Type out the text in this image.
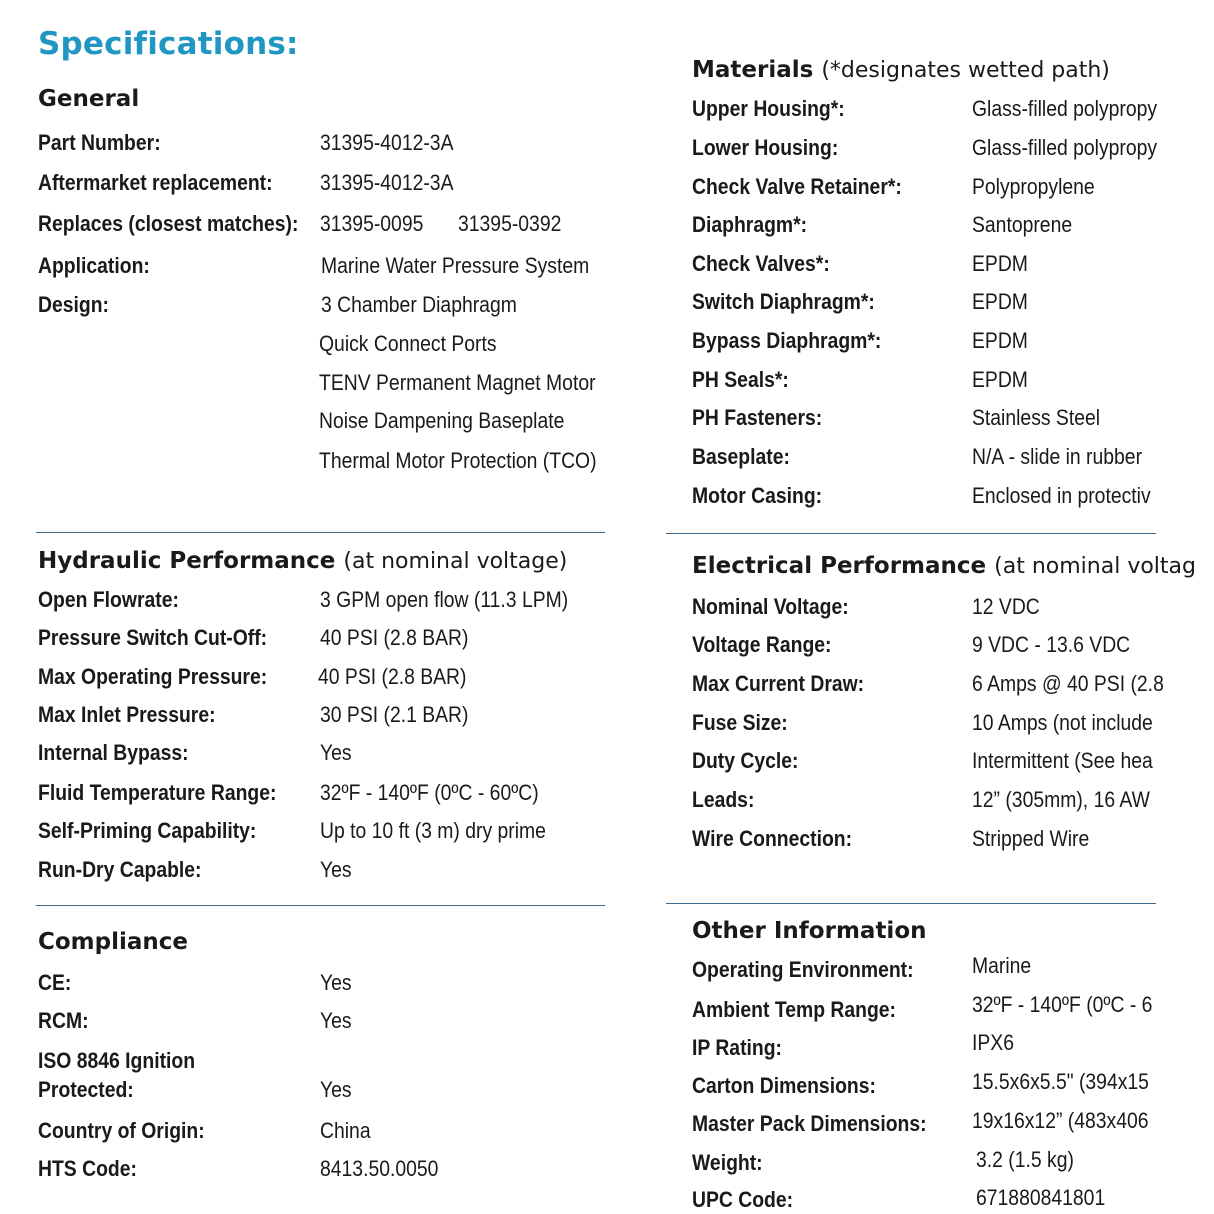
Specifications:
General
Part Number:	31395-4012-3A
Aftermarket replacement: 31395-4012-3A
Replaces (closest matches): 31395-0095 31395-0392
Application:	Marine Water Pressure System
Design:	3 Chamber Diaphragm
Quick Connect Ports
TENV Permanent Magnet Motor
Noise Dampening Baseplate
Thermal Motor Protection (TCO)
Hydraulic Performance (at nominal voltage)
Open Flowrate:	3 GPM open flow (11.3 LPM)
Pressure Switch Cut-Off: 40 PSI (2.8 BAR)
Max Operating Pressure: 40 PSI (2.8 BAR)
Max Inlet Pressure:	30 PSI (2.1 BAR)
Internal Bypass:	Yes
Fluid Temperature Range: 32ºF - 140ºF (0ºC - 60ºC)
Self-Priming Capability:	Up to 10 ft (3 m) dry prime
Run-Dry Capable:	Yes
Compliance
CE:	Yes
RCM:	Yes
ISO 8846 Ignition
Protected:	Yes
Country of Origin:	China
HTS Code:	8413.50.0050
Materials (*designates wetted path)
Upper Housing*:	Glass-filled polypropy
Lower Housing:	Glass-filled polypropy
Check Valve Retainer*:	Polypropylene
Diaphragm*:	Santoprene
Check Valves*:	EPDM
Switch Diaphragm*:	EPDM
Bypass Diaphragm*:	EPDM
PH Seals*:	EPDM
PH Fasteners:	Stainless Steel
Baseplate:	N/A - slide in rubber
Motor Casing:	Enclosed in protectiv
Electrical Performance (at nominal voltag
Nominal Voltage:	12 VDC
Voltage Range:	9 VDC - 13.6 VDC
Max Current Draw:	6 Amps @ 40 PSI (2.8
Fuse Size:	10 Amps (not include
Duty Cycle:	Intermittent (See hea
Leads:	12” (305mm), 16 AW
Wire Connection:	Stripped Wire
Other Information
Operating Environment:	Marine
Ambient Temp Range:	32ºF - 140ºF (0ºC - 6
IP Rating:	IPX6
Carton Dimensions:	15.5x6x5.5" (394x15
Master Pack Dimensions: 19x16x12” (483x406
Weight:	3.2 (1.5 kg)
UPC Code:	671880841801
